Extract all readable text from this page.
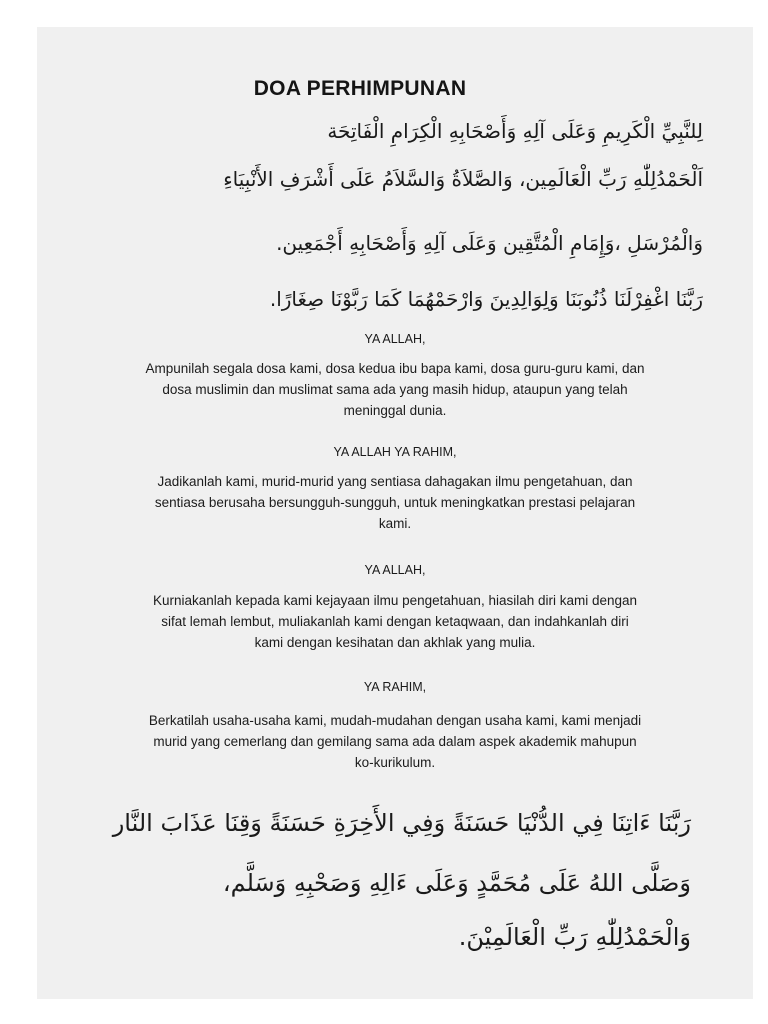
DOA PERHIMPUNAN
لِلنَّبِيِّ الْكَرِيمِ وَعَلَى آلِهِ وَأَصْحَابِهِ الْكِرَامِ الْفَاتِحَة
اَلْحَمْدُلِلّٰهِ رَبِّ الْعَالَمِين، وَالصَّلاَةُ وَالسَّلاَمُ عَلَى أَشْرَفِ الأَنْبِيَاءِ
وَالْمُرْسَلِ ،وَإِمَامِ الْمُتَّقِين وَعَلَى آلِهِ وَأَصْحَابِهِ أَجْمَعِين.
رَبَّنَا اغْفِرْلَنَا ذُنُوبَنَا وَلِوَالِدِينَ وَارْحَمْهُمَا كَمَا رَبَّوْنَا صِغَارًا.
YA ALLAH,
Ampunilah segala dosa kami, dosa kedua ibu bapa kami, dosa guru-guru kami, dan
dosa muslimin dan muslimat sama ada yang masih hidup, ataupun yang telah
meninggal dunia.
YA ALLAH YA RAHIM,
Jadikanlah kami, murid-murid yang sentiasa dahagakan ilmu pengetahuan, dan
sentiasa berusaha bersungguh-sungguh, untuk meningkatkan prestasi pelajaran
kami.
YA ALLAH,
Kurniakanlah kepada kami kejayaan ilmu pengetahuan, hiasilah diri kami dengan
sifat lemah lembut, muliakanlah kami dengan ketaqwaan, dan indahkanlah diri
kami dengan kesihatan dan akhlak yang mulia.
YA RAHIM,
Berkatilah usaha-usaha kami, mudah-mudahan dengan usaha kami, kami menjadi
murid yang cemerlang dan gemilang sama ada dalam aspek akademik mahupun
ko-kurikulum.
رَبَّنَا ءَاتِنَا فِي الدُّنْيَا حَسَنَةً وَفِي الأَخِرَةِ حَسَنَةً وَقِنَا عَذَابَ النَّار
وَصَلَّى اللهُ عَلَى مُحَمَّدٍ وَعَلَى ءَالِهِ وَصَحْبِهِ وَسَلَّم،
وَالْحَمْدُلِلّٰهِ رَبِّ الْعَالَمِيْنَ.
